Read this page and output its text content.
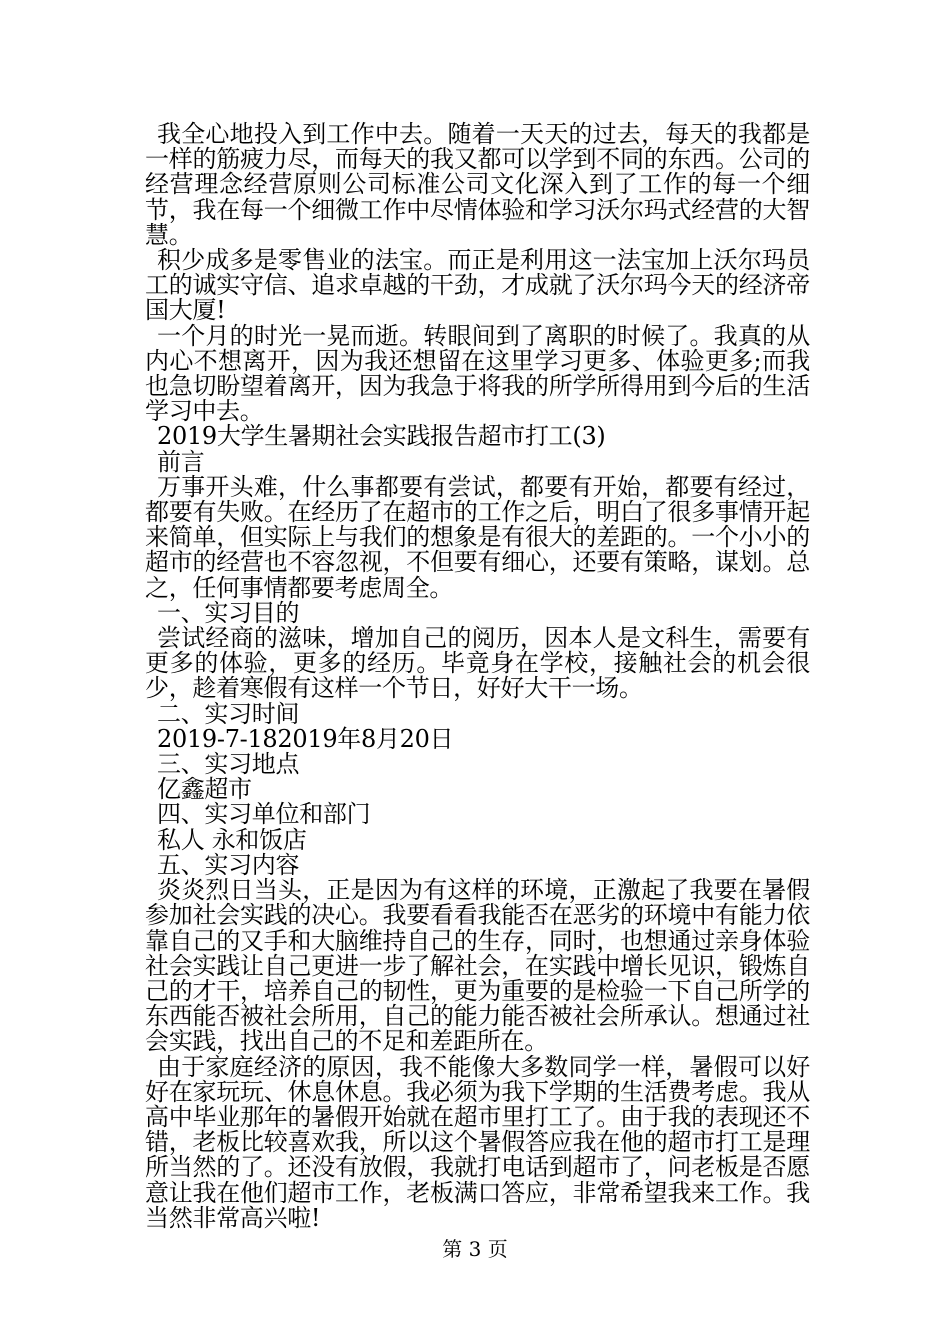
我全心地投入到工作中去。随着一天天的过去，每天的我都是一样的筋疲力尽，而每天的我又都可以学到不同的东西。公司的经营理念经营原则公司标准公司文化深入到了工作的每一个细节，我在每一个细微工作中尽情体验和学习沃尔玛式经营的大智慧。

积少成多是零售业的法宝。而正是利用这一法宝加上沃尔玛员工的诚实守信、追求卓越的干劲，才成就了沃尔玛今天的经济帝国大厦!

一个月的时光一晃而逝。转眼间到了离职的时候了。我真的从内心不想离开，因为我还想留在这里学习更多、体验更多;而我也急切盼望着离开，因为我急于将我的所学所得用到今后的生活学习中去。

2019大学生暑期社会实践报告超市打工(3)

前言

万事开头难，什么事都要有尝试，都要有开始，都要有经过，都要有失败。在经历了在超市的工作之后，明白了很多事情开起来简单，但实际上与我们的想象是有很大的差距的。一个小小的超市的经营也不容忽视，不但要有细心，还要有策略，谋划。总之，任何事情都要考虑周全。

一、实习目的

尝试经商的滋味，增加自己的阅历，因本人是文科生，需要有更多的体验，更多的经历。毕竟身在学校，接触社会的机会很少，趁着寒假有这样一个节日，好好大干一场。

二、实习时间

2019-7-182019年8月20日

三、实习地点

亿鑫超市

四、实习单位和部门

私人 永和饭店

五、实习内容

炎炎烈日当头，正是因为有这样的环境，正激起了我要在暑假参加社会实践的决心。我要看看我能否在恶劣的环境中有能力依靠自己的又手和大脑维持自己的生存，同时，也想通过亲身体验社会实践让自己更进一步了解社会，在实践中增长见识，锻炼自己的才干，培养自己的韧性，更为重要的是检验一下自己所学的东西能否被社会所用，自己的能力能否被社会所承认。想通过社会实践，找出自己的不足和差距所在。

由于家庭经济的原因，我不能像大多数同学一样，暑假可以好好在家玩玩、休息休息。我必须为我下学期的生活费考虑。我从高中毕业那年的暑假开始就在超市里打工了。由于我的表现还不错，老板比较喜欢我，所以这个暑假答应我在他的超市打工是理所当然的了。还没有放假，我就打电话到超市了，问老板是否愿意让我在他们超市工作，老板满口答应，非常希望我来工作。我当然非常高兴啦!

第 3 页
